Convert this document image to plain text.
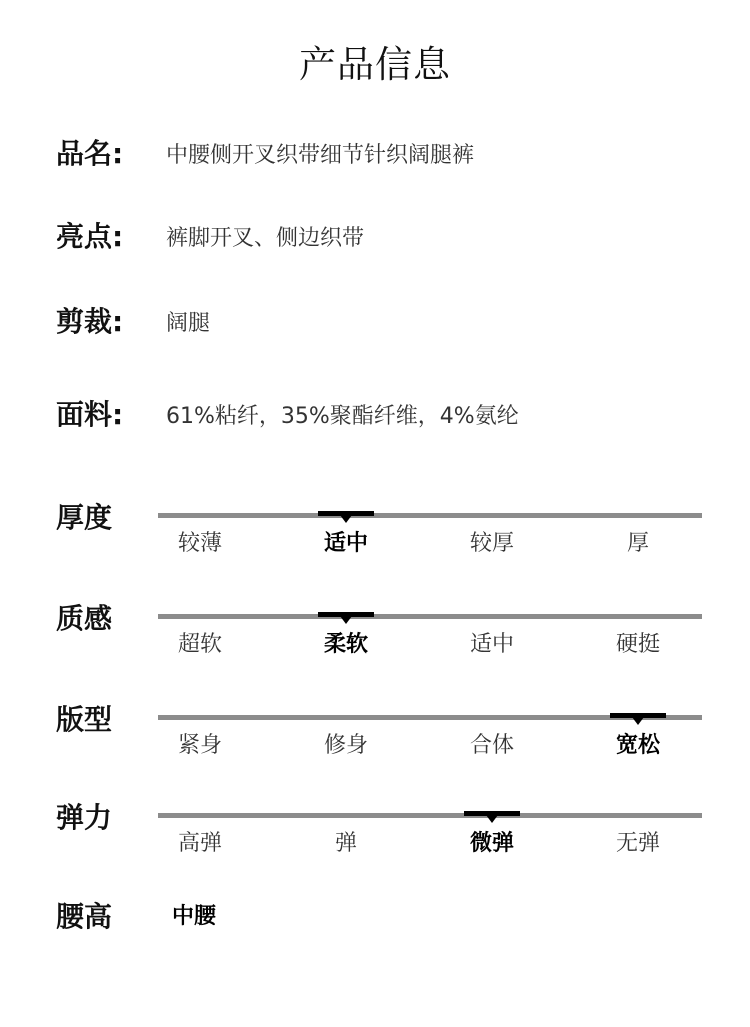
产品信息
品名: 中腰侧开叉织带细节针织阔腿裤
亮点: 裤脚开叉、侧边织带
剪裁: 阔腿
面料: 61%粘纤，35%聚酯纤维，4%氨纶
厚度
较薄	适中	较厚	厚
质感
超软	柔软	适中	硬挺
版型
紧身	修身	合体	宽松
弹力
高弹	弹	微弹	无弹
腰高	中腰
